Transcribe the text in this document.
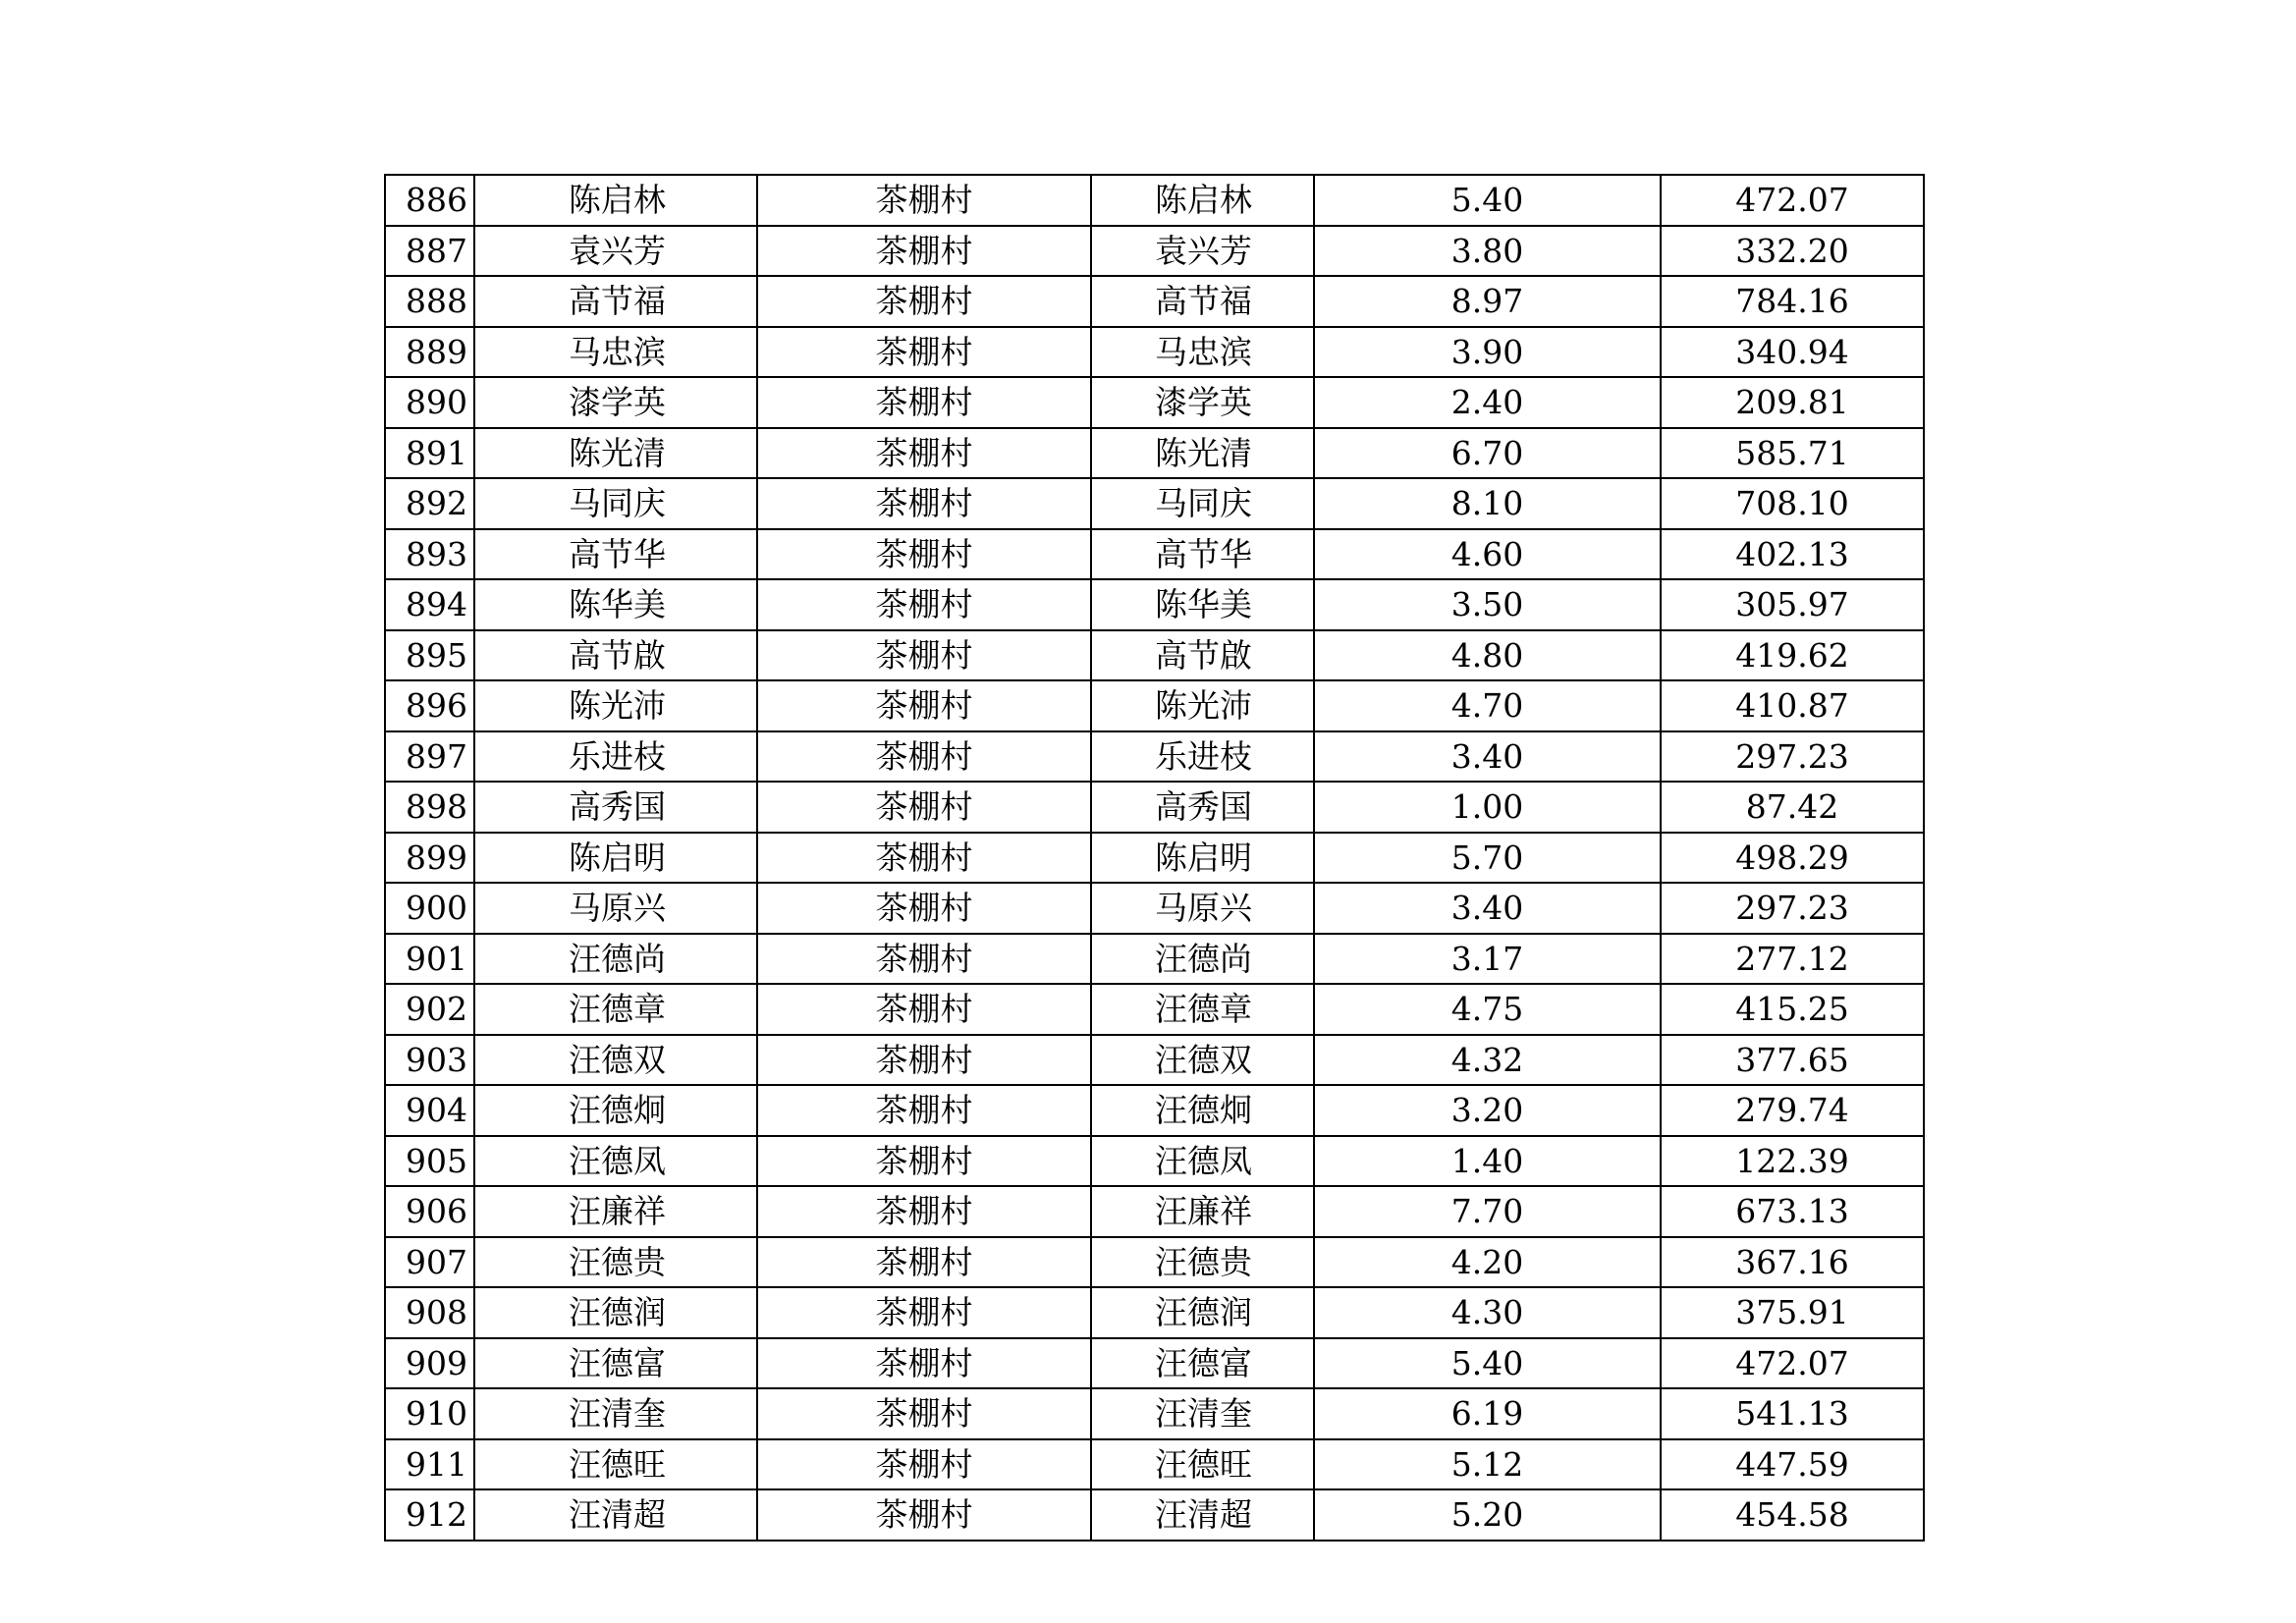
886	陈启林	茶棚村	陈启林	5.40	472.07
887	袁兴芳	茶棚村	袁兴芳	3.80	332.20
888	高节福	茶棚村	高节福	8.97	784.16
889	马忠滨	茶棚村	马忠滨	3.90	340.94
890	漆学英	茶棚村	漆学英	2.40	209.81
891	陈光清	茶棚村	陈光清	6.70	585.71
892	马同庆	茶棚村	马同庆	8.10	708.10
893	高节华	茶棚村	高节华	4.60	402.13
894	陈华美	茶棚村	陈华美	3.50	305.97
895	高节啟	茶棚村	高节啟	4.80	419.62
896	陈光沛	茶棚村	陈光沛	4.70	410.87
897	乐进枝	茶棚村	乐进枝	3.40	297.23
898	高秀国	茶棚村	高秀国	1.00	87.42
899	陈启明	茶棚村	陈启明	5.70	498.29
900	马原兴	茶棚村	马原兴	3.40	297.23
901	汪德尚	茶棚村	汪德尚	3.17	277.12
902	汪德章	茶棚村	汪德章	4.75	415.25
903	汪德双	茶棚村	汪德双	4.32	377.65
904	汪德炯	茶棚村	汪德炯	3.20	279.74
905	汪德凤	茶棚村	汪德凤	1.40	122.39
906	汪廉祥	茶棚村	汪廉祥	7.70	673.13
907	汪德贵	茶棚村	汪德贵	4.20	367.16
908	汪德润	茶棚村	汪德润	4.30	375.91
909	汪德富	茶棚村	汪德富	5.40	472.07
910	汪清奎	茶棚村	汪清奎	6.19	541.13
911	汪德旺	茶棚村	汪德旺	5.12	447.59
912	汪清超	茶棚村	汪清超	5.20	454.58
